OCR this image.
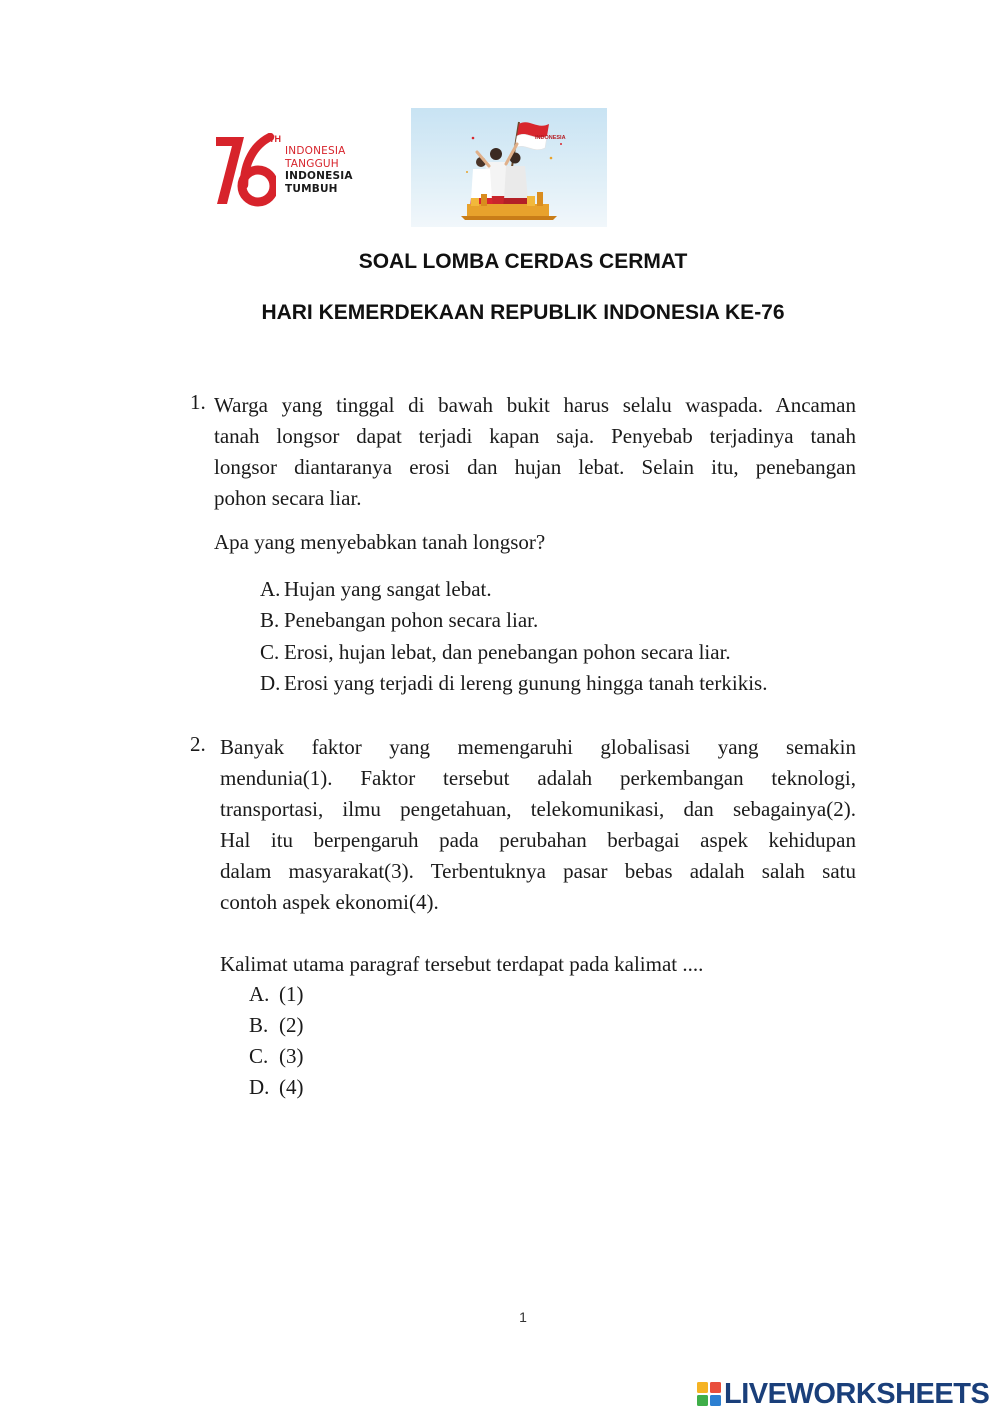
TH
INDONESIA
TANGGUH
INDONESIA
TUMBUH
INDONESIA
SOAL LOMBA CERDAS CERMAT
HARI KEMERDEKAAN REPUBLIK INDONESIA KE-76
1. Warga yang tinggal di bawah bukit harus selalu waspada. Ancaman
tanah longsor dapat terjadi kapan saja. Penyebab terjadinya tanah
longsor diantaranya erosi dan hujan lebat. Selain itu, penebangan
pohon secara liar.
Apa yang menyebabkan tanah longsor?
A. Hujan yang sangat lebat.
B. Penebangan pohon secara liar.
C. Erosi, hujan lebat, dan penebangan pohon secara liar.
D. Erosi yang terjadi di lereng gunung hingga tanah terkikis.
2. Banyak faktor yang memengaruhi globalisasi yang semakin
mendunia(1). Faktor tersebut adalah perkembangan teknologi,
transportasi, ilmu pengetahuan, telekomunikasi, dan sebagainya(2).
Hal itu berpengaruh pada perubahan berbagai aspek kehidupan
dalam masyarakat(3). Terbentuknya pasar bebas adalah salah satu
contoh aspek ekonomi(4).
Kalimat utama paragraf tersebut terdapat pada kalimat ....
A. (1)
B. (2)
C. (3)
D. (4)
1
LIVEWORKSHEETS
